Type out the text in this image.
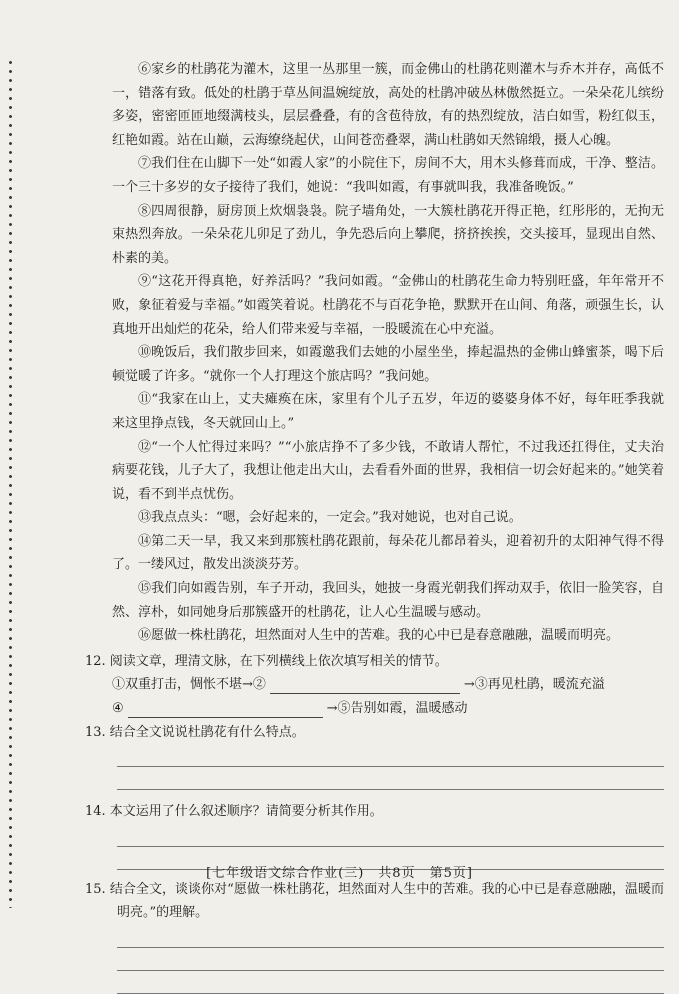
⑥家乡的杜鹃花为灌木，这里一丛那里一簇，而金佛山的杜鹃花则灌木与乔木并存，高低不一，错落有致。低处的杜鹃于草丛间温婉绽放，高处的杜鹃冲破丛林傲然挺立。一朵朵花儿缤纷多姿，密密匝匝地缀满枝头，层层叠叠，有的含苞待放，有的热烈绽放，洁白如雪，粉红似玉，红艳如霞。站在山巅，云海缭绕起伏，山间苍峦叠翠，满山杜鹃如天然锦缎，摄人心魄。

⑦我们住在山脚下一处“如霞人家”的小院住下，房间不大，用木头修葺而成，干净、整洁。一个三十多岁的女子接待了我们，她说：“我叫如霞，有事就叫我，我准备晚饭。”

⑧四周很静，厨房顶上炊烟袅袅。院子墙角处，一大簇杜鹃花开得正艳，红彤彤的，无拘无束热烈奔放。一朵朵花儿卯足了劲儿，争先恐后向上攀爬，挤挤挨挨，交头接耳，显现出自然、朴素的美。

⑨“这花开得真艳，好养活吗？”我问如霞。“金佛山的杜鹃花生命力特别旺盛，年年常开不败，象征着爱与幸福。”如霞笑着说。杜鹃花不与百花争艳，默默开在山间、角落，顽强生长，认真地开出灿烂的花朵，给人们带来爱与幸福，一股暖流在心中充溢。

⑩晚饭后，我们散步回来，如霞邀我们去她的小屋坐坐，捧起温热的金佛山蜂蜜茶，喝下后顿觉暖了许多。“就你一个人打理这个旅店吗？”我问她。

⑪“我家在山上，丈夫瘫痪在床，家里有个儿子五岁，年迈的婆婆身体不好，每年旺季我就来这里挣点钱，冬天就回山上。”

⑫“一个人忙得过来吗？”“小旅店挣不了多少钱，不敢请人帮忙，不过我还扛得住，丈夫治病要花钱，儿子大了，我想让他走出大山，去看看外面的世界，我相信一切会好起来的。”她笑着说，看不到半点忧伤。

⑬我点点头：“嗯，会好起来的，一定会。”我对她说，也对自己说。

⑭第二天一早，我又来到那簇杜鹃花跟前，每朵花儿都昂着头，迎着初升的太阳神气得不得了。一缕风过，散发出淡淡芬芳。

⑮我们向如霞告别，车子开动，我回头，她披一身霞光朝我们挥动双手，依旧一脸笑容，自然、淳朴，如同她身后那簇盛开的杜鹃花，让人心生温暖与感动。

⑯愿做一株杜鹃花，坦然面对人生中的苦难。我的心中已是春意融融，温暖而明亮。

12. 阅读文章，理清文脉，在下列横线上依次填写相关的情节。

①双重打击，惆怅不堪→②	→③再见杜鹃，暖流充溢

④	→⑤告别如霞，温暖感动

13. 结合全文说说杜鹃花有什么特点。

14. 本文运用了什么叙述顺序？请简要分析其作用。

15. 结合全文，谈谈你对“愿做一株杜鹃花，坦然面对人生中的苦难。我的心中已是春意融融，温暖而明亮。”的理解。

[七年级语文综合作业(三)　共8页　第5页]
